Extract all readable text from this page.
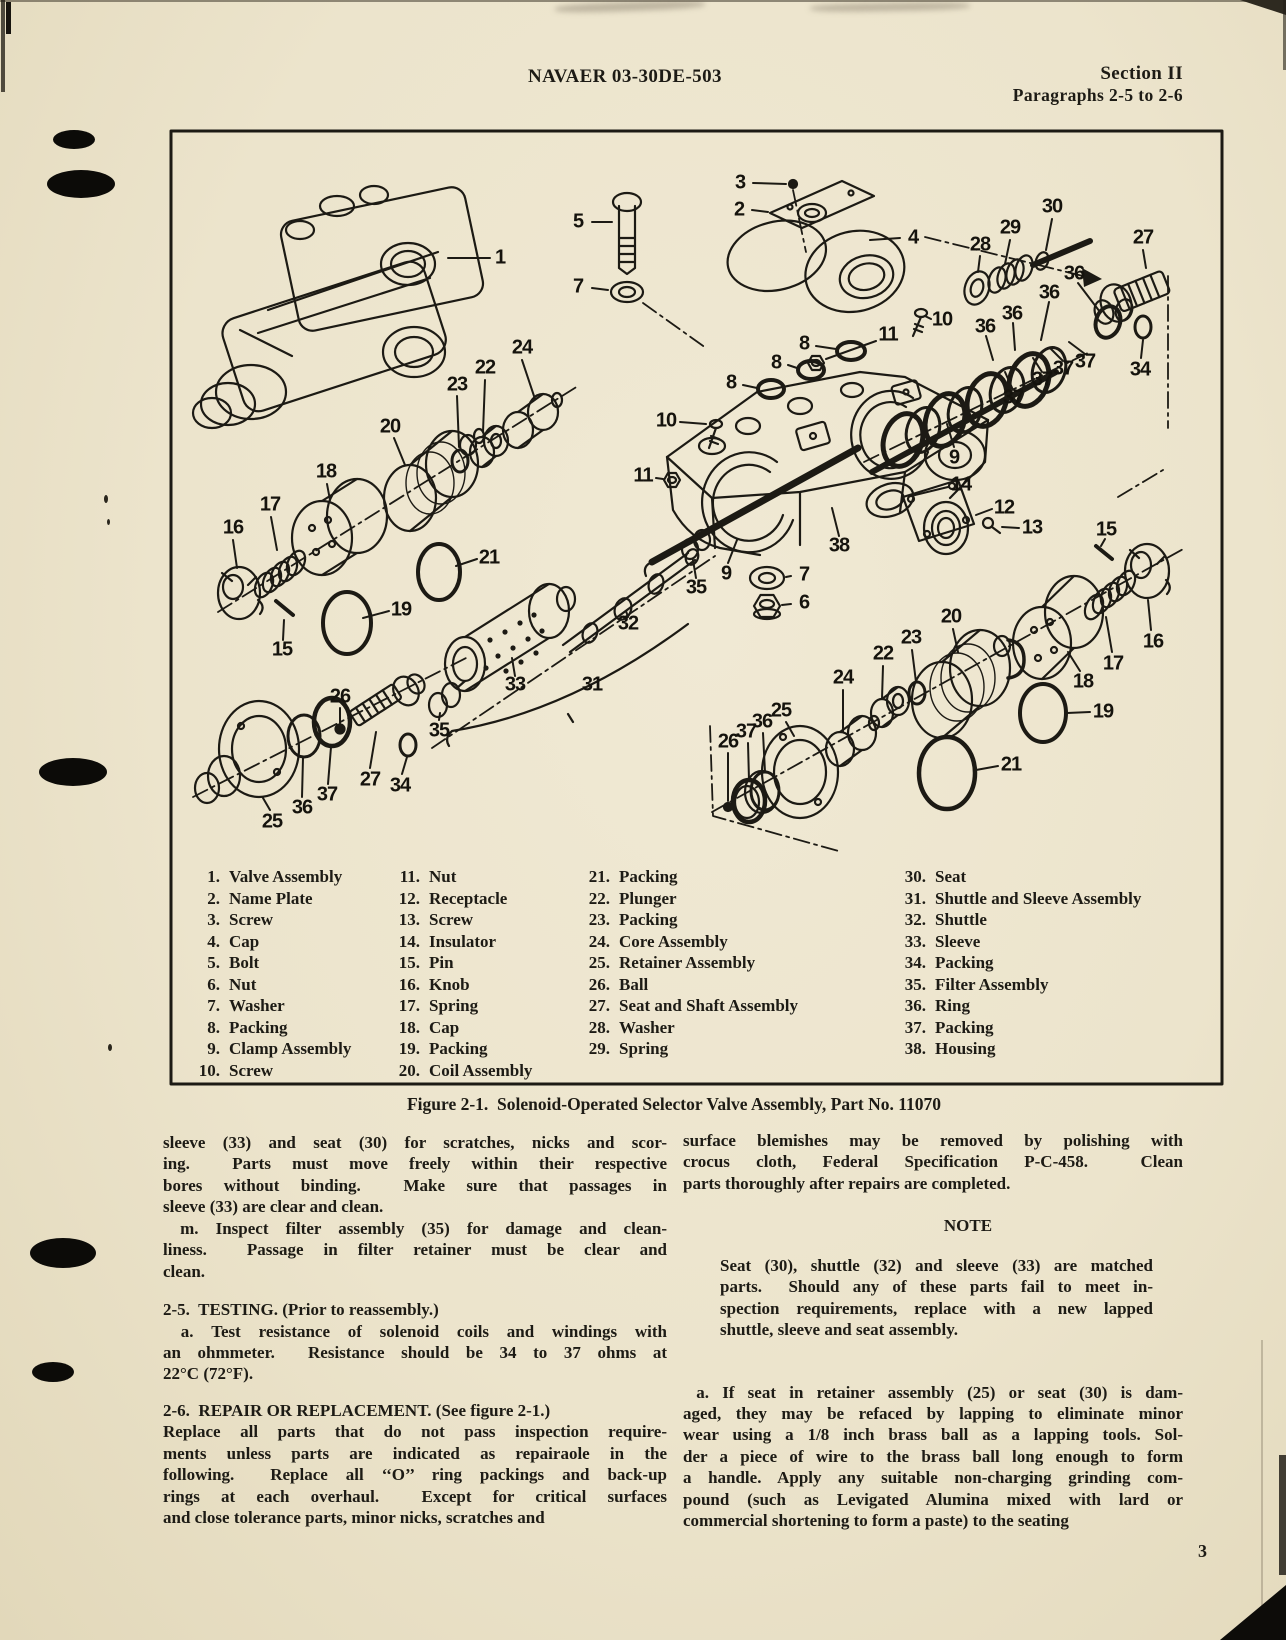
NAVAER 03-30DE-503	Section II
Paragraphs 2-5 to 2-6
1
2
3
4
5
6
7
7
8
8
8
9
9
10
10
11
11
12
13
14
15
15
16
16
17
17
18
18
19
19
20
20
21
21
22
22
23
23
24
24
25
25
26
26
27
27
28
29
30
31
32
33
34
34
35
35
36
36
36
36
36
36
37
37
37
37 37 37
38
1. Valve Assembly
2. Name Plate
3. Screw
4. Cap
5. Bolt
6. Nut
7. Washer
8. Packing
9. Clamp Assembly
10. Screw
11. Nut
12. Receptacle
13. Screw
14. Insulator
15. Pin
16. Knob
17. Spring
18. Cap
19. Packing
20. Coil Assembly
21. Packing
22. Plunger
23. Packing
24. Core Assembly
25. Retainer Assembly
26. Ball
27. Seat and Shaft Assembly
28. Washer
29. Spring
30. Seat
31. Shuttle and Sleeve Assembly
32. Shuttle
33. Sleeve
34. Packing
35. Filter Assembly
36. Ring
37. Packing
38. Housing
Figure 2-1.  Solenoid-Operated Selector Valve Assembly, Part No. 11070
sleeve (33) and seat (30) for scratches, nicks and scor-
ing.  Parts must move freely within their respective
bores without binding.  Make sure that passages in
sleeve (33) are clear and clean.
m. Inspect filter assembly (35) for damage and clean-
liness.  Passage in filter retainer must be clear and
clean.
2-5.  TESTING. (Prior to reassembly.)
a. Test resistance of solenoid coils and windings with
an ohmmeter.  Resistance should be 34 to 37 ohms at
22°C (72°F).
2-6.  REPAIR OR REPLACEMENT. (See figure 2-1.)
Replace all parts that do not pass inspection require-
ments unless parts are indicated as repairaole in the
following.  Replace all ‘‘O’’ ring packings and back-up
rings at each overhaul.  Except for critical surfaces
and close tolerance parts, minor nicks, scratches and
surface blemishes may be removed by polishing with
crocus cloth, Federal Specification P-C-458.  Clean
parts thoroughly after repairs are completed.
NOTE
Seat (30), shuttle (32) and sleeve (33) are matched
parts.  Should any of these parts fail to meet in-
spection requirements, replace with a new lapped
shuttle, sleeve and seat assembly.
a. If seat in retainer assembly (25) or seat (30) is dam-
aged, they may be refaced by lapping to eliminate minor
wear using a 1/8 inch brass ball as a lapping tools. Sol-
der a piece of wire to the brass ball long enough to form
a handle. Apply any suitable non-charging grinding com-
pound (such as Levigated Alumina mixed with lard or
commercial shortening to form a paste) to the seating
3
